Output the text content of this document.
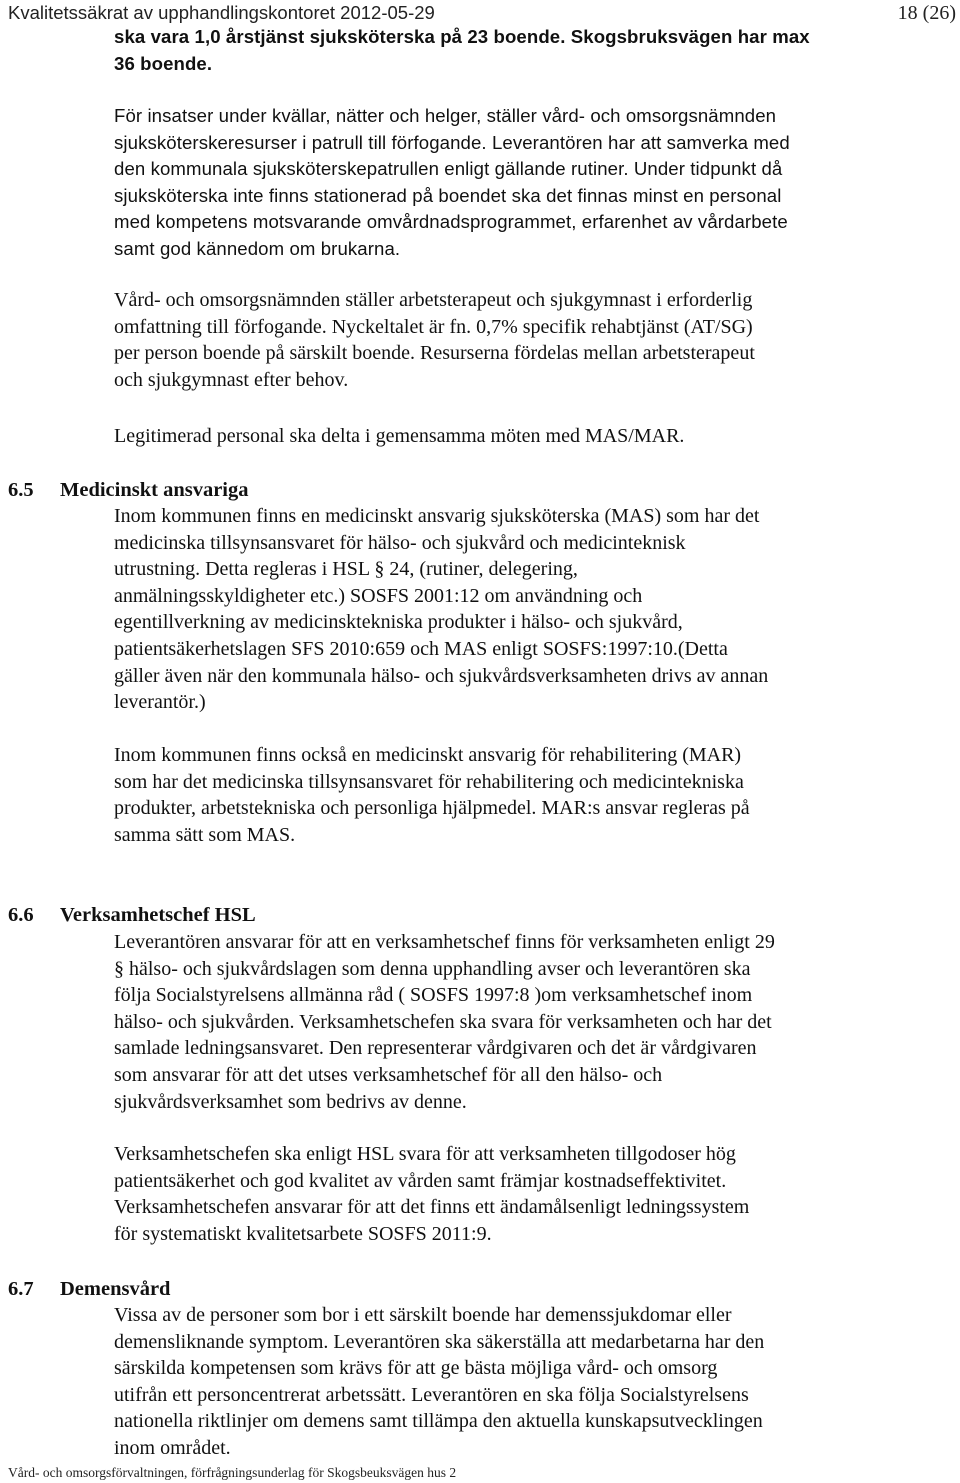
Kvalitetssäkrat av upphandlingskontoret 2012-05-29	18 (26)
ska vara 1,0 årstjänst sjuksköterska på 23 boende. Skogsbruksvägen har max
36 boende.
För insatser under kvällar, nätter och helger, ställer vård- och omsorgsnämnden
sjuksköterskeresurser i patrull till förfogande. Leverantören har att samverka med
den kommunala sjuksköterskepatrullen enligt gällande rutiner. Under tidpunkt då
sjuksköterska inte finns stationerad på boendet ska det finnas minst en personal
med kompetens motsvarande omvårdnadsprogrammet, erfarenhet av vårdarbete
samt god kännedom om brukarna.
Vård- och omsorgsnämnden ställer arbetsterapeut och sjukgymnast i erforderlig
omfattning till förfogande. Nyckeltalet är fn. 0,7% specifik rehabtjänst (AT/SG)
per person boende på särskilt boende. Resurserna fördelas mellan arbetsterapeut
och sjukgymnast efter behov.
Legitimerad personal ska delta i gemensamma möten med MAS/MAR.
6.5 Medicinskt ansvariga
Inom kommunen finns en medicinskt ansvarig sjuksköterska (MAS) som har det
medicinska tillsynsansvaret för hälso- och sjukvård och medicinteknisk
utrustning. Detta regleras i HSL § 24, (rutiner, delegering,
anmälningsskyldigheter etc.) SOSFS 2001:12 om användning och
egentillverkning av medicinsktekniska produkter i hälso- och sjukvård,
patientsäkerhetslagen SFS 2010:659 och MAS enligt SOSFS:1997:10.(Detta
gäller även när den kommunala hälso- och sjukvårdsverksamheten drivs av annan
leverantör.)
Inom kommunen finns också en medicinskt ansvarig för rehabilitering (MAR)
som har det medicinska tillsynsansvaret för rehabilitering och medicintekniska
produkter, arbetstekniska och personliga hjälpmedel. MAR:s ansvar regleras på
samma sätt som MAS.
6.6 Verksamhetschef HSL
Leverantören ansvarar för att en verksamhetschef finns för verksamheten enligt 29
§ hälso- och sjukvårdslagen som denna upphandling avser och leverantören ska
följa Socialstyrelsens allmänna råd ( SOSFS 1997:8 )om verksamhetschef inom
hälso- och sjukvården. Verksamhetschefen ska svara för verksamheten och har det
samlade ledningsansvaret. Den representerar vårdgivaren och det är vårdgivaren
som ansvarar för att det utses verksamhetschef för all den hälso- och
sjukvårdsverksamhet som bedrivs av denne.
Verksamhetschefen ska enligt HSL svara för att verksamheten tillgodoser hög
patientsäkerhet och god kvalitet av vården samt främjar kostnadseffektivitet.
Verksamhetschefen ansvarar för att det finns ett ändamålsenligt ledningssystem
för systematiskt kvalitetsarbete SOSFS 2011:9.
6.7 Demensvård
Vissa av de personer som bor i ett särskilt boende har demenssjukdomar eller
demensliknande symptom. Leverantören ska säkerställa att medarbetarna har den
särskilda kompetensen som krävs för att ge bästa möjliga vård- och omsorg
utifrån ett personcentrerat arbetssätt. Leverantören en ska följa Socialstyrelsens
nationella riktlinjer om demens samt tillämpa den aktuella kunskapsutvecklingen
inom området.
Vård- och omsorgsförvaltningen, förfrågningsunderlag för Skogsbeuksvägen hus 2
